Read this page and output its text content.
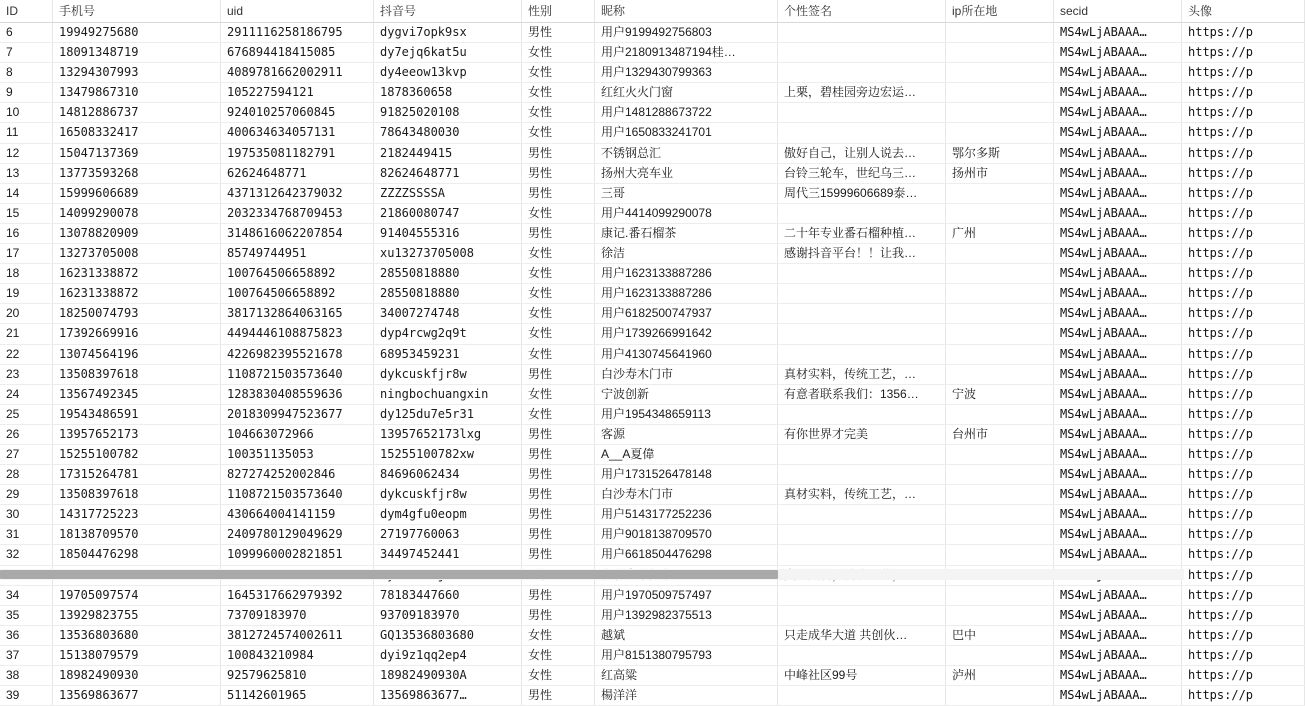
ID	手机号	uid	抖音号	性别	昵称	个性签名	ip所在地	secid	头像
6	19949275680	2911116258186795	dygvi7opk9sx	男性	用户9199492756803			MS4wLjABAAA…	https://p
7	18091348719	676894418415085	dy7ejq6kat5u	女性	用户2180913487194桂…			MS4wLjABAAA…	https://p
8	13294307993	4089781662002911	dy4eeow13kvp	女性	用户1329430799363			MS4wLjABAAA…	https://p
9	13479867310	105227594121	1878360658	女性	红红火火门窗	上栗，碧桂园旁边宏运…		MS4wLjABAAA…	https://p
10	14812886737	924010257060845	91825020108	女性	用户1481288673722			MS4wLjABAAA…	https://p
11	16508332417	400634634057131	78643480030	女性	用户1650833241701			MS4wLjABAAA…	https://p
12	15047137369	197535081182791	2182449415	男性	不锈钢总汇	傲好自己，让别人说去…	鄂尔多斯	MS4wLjABAAA…	https://p
13	13773593268	62624648771	82624648771	男性	扬州大亮车业	台铃三轮车，世纪乌三…	扬州市	MS4wLjABAAA…	https://p
14	15999606689	4371312642379032	ZZZZSSSSA	男性	三哥	周代三15999606689泰…		MS4wLjABAAA…	https://p
15	14099290078	2032334768709453	21860080747	女性	用户4414099290078			MS4wLjABAAA…	https://p
16	13078820909	3148616062207854	91404555316	男性	康记.番石榴茶	二十年专业番石榴种植…	广州	MS4wLjABAAA…	https://p
17	13273705008	85749744951	xu13273705008	女性	徐洁	感谢抖音平台！！让我…		MS4wLjABAAA…	https://p
18	16231338872	100764506658892	28550818880	女性	用户1623133887286			MS4wLjABAAA…	https://p
19	16231338872	100764506658892	28550818880	女性	用户1623133887286			MS4wLjABAAA…	https://p
20	18250074793	3817132864063165	34007274748	女性	用户6182500747937			MS4wLjABAAA…	https://p
21	17392669916	4494446108875823	dyp4rcwg2q9t	女性	用户1739266991642			MS4wLjABAAA…	https://p
22	13074564196	4226982395521678	68953459231	女性	用户4130745641960			MS4wLjABAAA…	https://p
23	13508397618	1108721503573640	dykcuskfjr8w	男性	白沙寿木门市	真材实料，传统工艺，…		MS4wLjABAAA…	https://p
24	13567492345	1283830408559636	ningbochuangxin	女性	宁波创新	有意者联系我们：1356…	宁波	MS4wLjABAAA…	https://p
25	19543486591	2018309947523677	dy125du7e5r31	女性	用户1954348659113			MS4wLjABAAA…	https://p
26	13957652173	104663072966	13957652173lxg	男性	客源	有你世界才完美	台州市	MS4wLjABAAA…	https://p
27	15255100782	100351135053	15255100782xw	男性	A__A夏偉			MS4wLjABAAA…	https://p
28	17315264781	827274252002846	84696062434	男性	用户1731526478148			MS4wLjABAAA…	https://p
29	13508397618	1108721503573640	dykcuskfjr8w	男性	白沙寿木门市	真材实料，传统工艺，…		MS4wLjABAAA…	https://p
30	14317725223	430664004141159	dym4gfu0eopm	男性	用户5143177252236			MS4wLjABAAA…	https://p
31	18138709570	2409780129049629	27197760063	男性	用户9018138709570			MS4wLjABAAA…	https://p
32	18504476298	1099960002821851	34497452441	男性	用户6618504476298			MS4wLjABAAA…	https://p
									https://p
34	19705097574	1645317662979392	78183447660	男性	用户1970509757497			MS4wLjABAAA…	https://p
35	13929823755	73709183970	93709183970	男性	用户1392982375513			MS4wLjABAAA…	https://p
36	13536803680	3812724574002611	GQ13536803680	女性	越斌	只走成华大道 共创伙…	巴中	MS4wLjABAAA…	https://p
37	15138079579	100843210984	dyi9z1qq2ep4	女性	用户8151380795793			MS4wLjABAAA…	https://p
38	18982490930	92579625810	18982490930A	女性	红高粱	中峰社区99号	泸州	MS4wLjABAAA…	https://p
39	13569863677	51142601965	13569863677…	男性	楊洋洋			MS4wLjABAAA…	https://p
